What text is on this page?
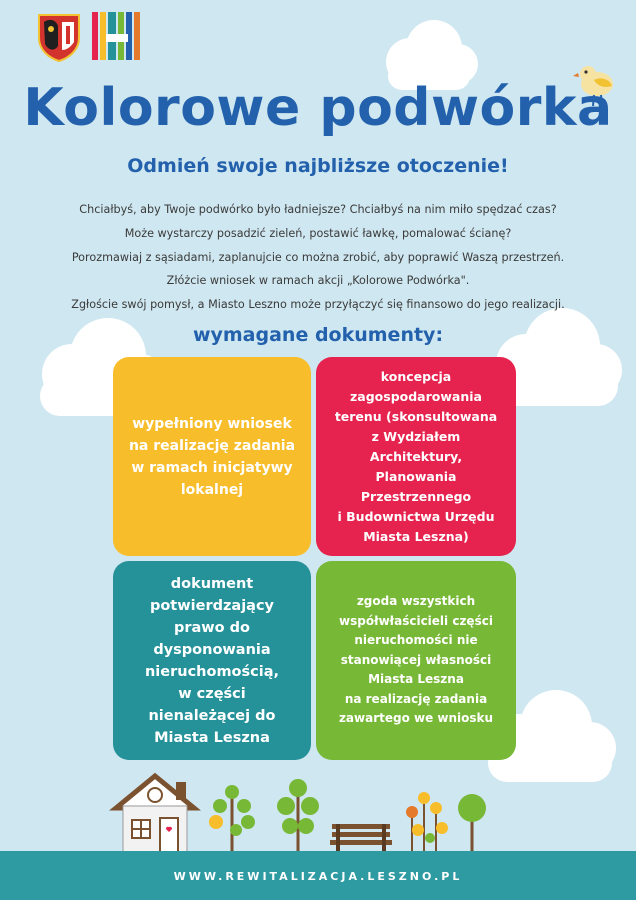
Kolorowe podwórka
Odmień swoje najbliższe otoczenie!

Chciałbyś, aby Twoje podwórko było ładniejsze? Chciałbyś na nim miło spędzać czas?

Może wystarczy posadzić zieleń, postawić ławkę, pomalować ścianę?

Porozmawiaj z sąsiadami, zaplanujcie co można zrobić, aby poprawić Waszą przestrzeń.

Złóżcie wniosek w ramach akcji „Kolorowe Podwórka".

Zgłoście swój pomysł, a Miasto Leszno może przyłączyć się finansowo do jego realizacji.

wymagane dokumenty:
wypełniony wniosek
na realizację zadania
w ramach inicjatywy
lokalnej
koncepcja
zagospodarowania
terenu (skonsultowana
z Wydziałem
Architektury,
Planowania
Przestrzennego
i Budownictwa Urzędu
Miasta Leszna)
dokument
potwierdzający
prawo do
dysponowania
nieruchomością,
w części
nienależącej do
Miasta Leszna
zgoda wszystkich
współwłaścicieli części
nieruchomości nie
stanowiącej własności
Miasta Leszna
na realizację zadania
zawartego we wniosku

WWW.REWITALIZACJA.LESZNO.PL
